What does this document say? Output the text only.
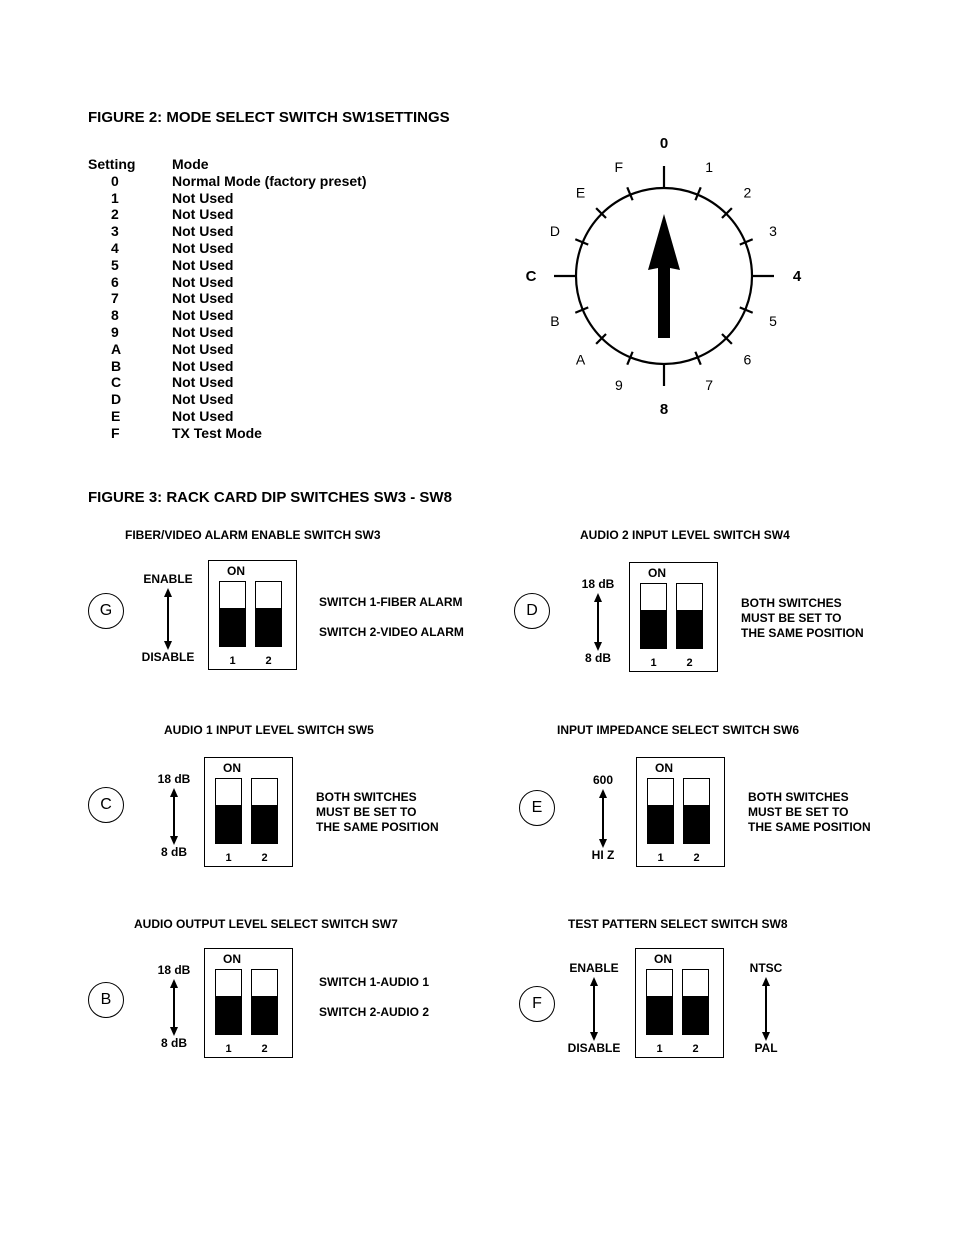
FIGURE 2: MODE SELECT SWITCH SW1SETTINGS
Setting	Mode
0	Normal Mode (factory preset)
1	Not Used
2	Not Used
3	Not Used
4	Not Used
5	Not Used
6	Not Used
7	Not Used
8	Not Used
9	Not Used
A	Not Used
B	Not Used
C	Not Used
D	Not Used
E	Not Used
F	TX Test Mode
0
1
2
3
4
5
6
7
8
9
A
B
C
D
E
F
FIGURE 3: RACK CARD DIP SWITCHES SW3 - SW8
FIBER/VIDEO ALARM ENABLE SWITCH SW3
G
ENABLE
DISABLE
ON
1	2
SWITCH 1-FIBER ALARM
SWITCH 2-VIDEO ALARM
AUDIO 2 INPUT LEVEL SWITCH SW4
D
18 dB
8 dB
ON
1	2
BOTH SWITCHES
MUST BE SET TO
THE SAME POSITION
AUDIO 1 INPUT LEVEL SWITCH SW5
C
18 dB
8 dB
ON
1	2
BOTH SWITCHES
MUST BE SET TO
THE SAME POSITION
INPUT IMPEDANCE SELECT SWITCH SW6
E
600
HI Z
ON
1	2
BOTH SWITCHES
MUST BE SET TO
THE SAME POSITION
AUDIO OUTPUT LEVEL SELECT SWITCH SW7
B
18 dB
8 dB
ON
1	2
SWITCH 1-AUDIO 1
SWITCH 2-AUDIO 2
TEST PATTERN SELECT SWITCH SW8
F
ENABLE
DISABLE
ON
1	2
NTSC
PAL
